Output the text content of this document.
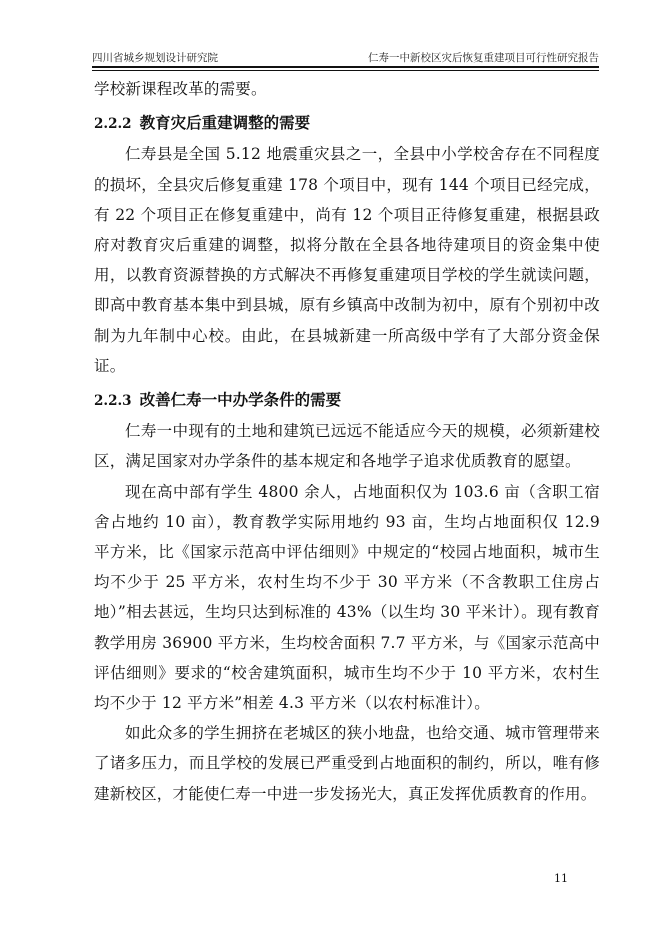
四川省城乡规划设计研究院	仁寿一中新校区灾后恢复重建项目可行性研究报告

学校新课程改革的需要。

2.2.2 教育灾后重建调整的需要

仁寿县是全国 5.12 地震重灾县之一，全县中小学校舍存在不同程度的损坏，全县灾后修复重建 178 个项目中，现有 144 个项目已经完成，有 22 个项目正在修复重建中，尚有 12 个项目正待修复重建，根据县政府对教育灾后重建的调整，拟将分散在全县各地待建项目的资金集中使用，以教育资源替换的方式解决不再修复重建项目学校的学生就读问题，即高中教育基本集中到县城，原有乡镇高中改制为初中，原有个别初中改制为九年制中心校。由此，在县城新建一所高级中学有了大部分资金保证。

2.2.3 改善仁寿一中办学条件的需要

仁寿一中现有的土地和建筑已远远不能适应今天的规模，必须新建校区，满足国家对办学条件的基本规定和各地学子追求优质教育的愿望。

现在高中部有学生 4800 余人，占地面积仅为 103.6 亩（含职工宿舍占地约 10 亩），教育教学实际用地约 93 亩，生均占地面积仅 12.9 平方米，比《国家示范高中评估细则》中规定的“校园占地面积，城市生均不少于 25 平方米，农村生均不少于 30 平方米（不含教职工住房占地）”相去甚远，生均只达到标准的 43%（以生均 30 平米计）。现有教育教学用房 36900 平方米，生均校舍面积 7.7 平方米，与《国家示范高中评估细则》要求的“校舍建筑面积，城市生均不少于 10 平方米，农村生均不少于 12 平方米”相差 4.3 平方米（以农村标准计）。

如此众多的学生拥挤在老城区的狭小地盘，也给交通、城市管理带来了诸多压力，而且学校的发展已严重受到占地面积的制约，所以，唯有修建新校区，才能使仁寿一中进一步发扬光大，真正发挥优质教育的作用。

11
